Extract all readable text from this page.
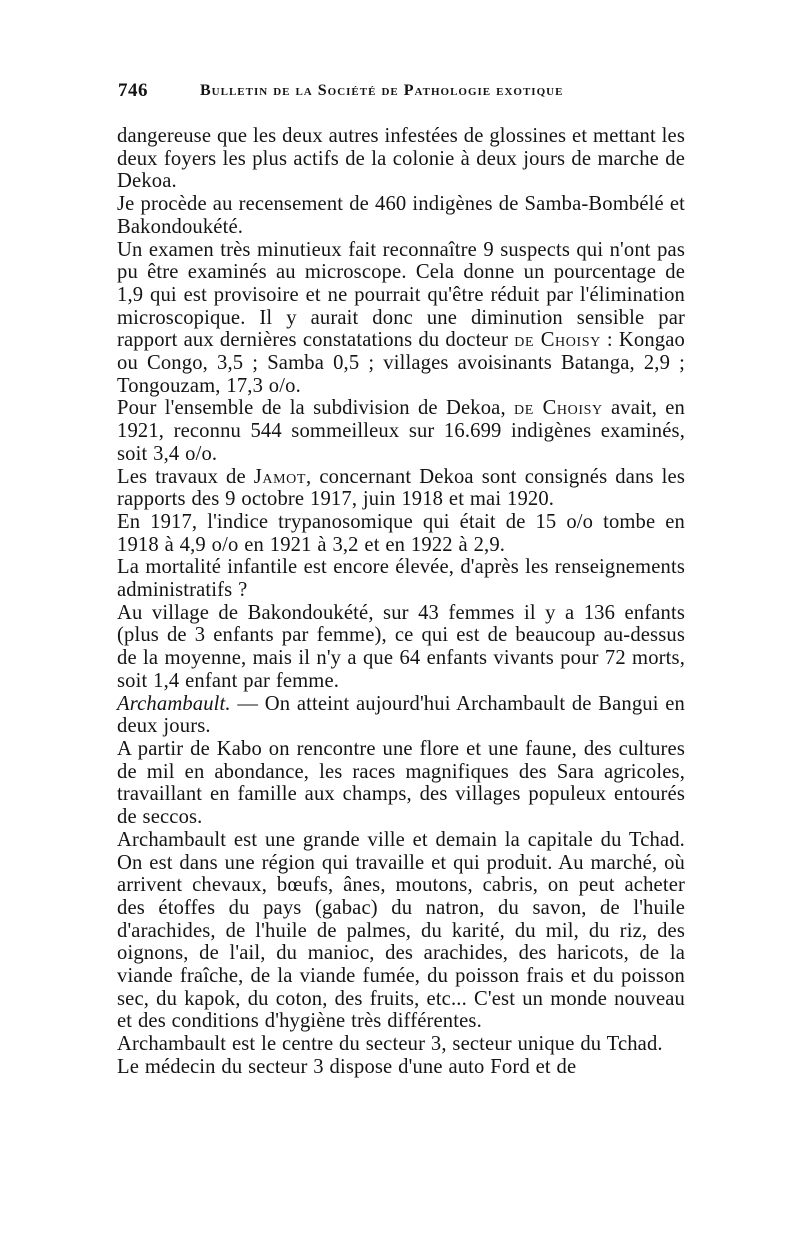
746	Bulletin de la Société de Pathologie exotique

dangereuse que les deux autres infestées de glossines et mettant les deux foyers les plus actifs de la colonie à deux jours de marche de Dekoa.

Je procède au recensement de 460 indigènes de Samba-Bombélé et Bakondoukété.

Un examen très minutieux fait reconnaître 9 suspects qui n'ont pas pu être examinés au microscope. Cela donne un pourcentage de 1,9 qui est provisoire et ne pourrait qu'être réduit par l'élimination microscopique. Il y aurait donc une diminution sensible par rapport aux dernières constatations du docteur de Choisy : Kongao ou Congo, 3,5 ; Samba 0,5 ; villages avoisinants Batanga, 2,9 ; Tongouzam, 17,3 o/o.

Pour l'ensemble de la subdivision de Dekoa, de Choisy avait, en 1921, reconnu 544 sommeilleux sur 16.699 indigènes examinés, soit 3,4 o/o.

Les travaux de Jamot, concernant Dekoa sont consignés dans les rapports des 9 octobre 1917, juin 1918 et mai 1920.

En 1917, l'indice trypanosomique qui était de 15 o/o tombe en 1918 à 4,9 o/o en 1921 à 3,2 et en 1922 à 2,9.

La mortalité infantile est encore élevée, d'après les renseignements administratifs ?

Au village de Bakondoukété, sur 43 femmes il y a 136 enfants (plus de 3 enfants par femme), ce qui est de beaucoup au-dessus de la moyenne, mais il n'y a que 64 enfants vivants pour 72 morts, soit 1,4 enfant par femme.

Archambault. — On atteint aujourd'hui Archambault de Bangui en deux jours.

A partir de Kabo on rencontre une flore et une faune, des cultures de mil en abondance, les races magnifiques des Sara agricoles, travaillant en famille aux champs, des villages populeux entourés de seccos.

Archambault est une grande ville et demain la capitale du Tchad. On est dans une région qui travaille et qui produit. Au marché, où arrivent chevaux, bœufs, ânes, moutons, cabris, on peut acheter des étoffes du pays (gabac) du natron, du savon, de l'huile d'arachides, de l'huile de palmes, du karité, du mil, du riz, des oignons, de l'ail, du manioc, des arachides, des haricots, de la viande fraîche, de la viande fumée, du poisson frais et du poisson sec, du kapok, du coton, des fruits, etc... C'est un monde nouveau et des conditions d'hygiène très différentes.

Archambault est le centre du secteur 3, secteur unique du Tchad.

Le médecin du secteur 3 dispose d'une auto Ford et de
